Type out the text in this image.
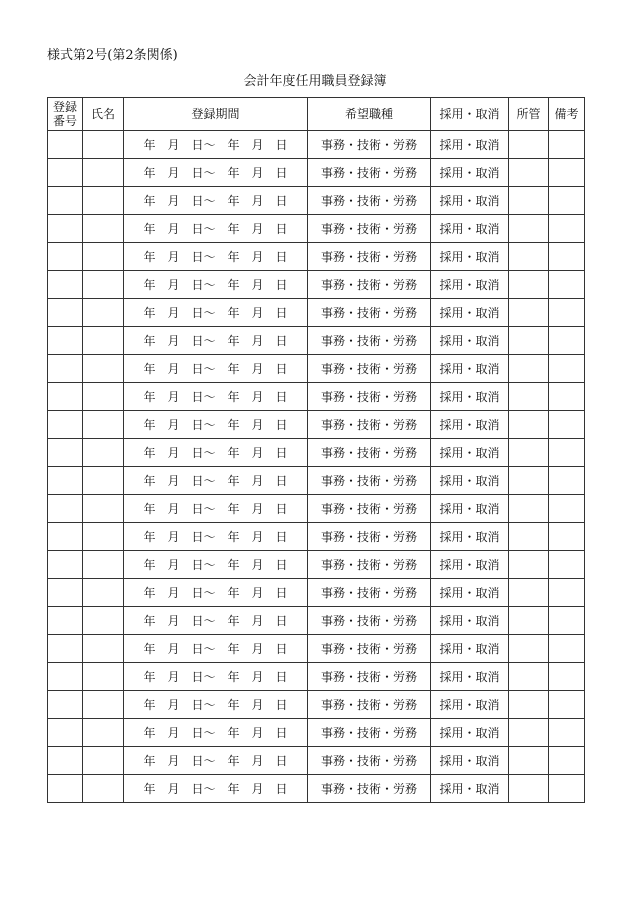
様式第2号(第2条関係)
会計年度任用職員登録簿
登録
番号	氏名	登録期間	希望職種	採用・取消	所管	備考
		年　月　日〜　年　月　日	事務・技術・労務	採用・取消		
		年　月　日〜　年　月　日	事務・技術・労務	採用・取消		
		年　月　日〜　年　月　日	事務・技術・労務	採用・取消		
		年　月　日〜　年　月　日	事務・技術・労務	採用・取消		
		年　月　日〜　年　月　日	事務・技術・労務	採用・取消		
		年　月　日〜　年　月　日	事務・技術・労務	採用・取消		
		年　月　日〜　年　月　日	事務・技術・労務	採用・取消		
		年　月　日〜　年　月　日	事務・技術・労務	採用・取消		
		年　月　日〜　年　月　日	事務・技術・労務	採用・取消		
		年　月　日〜　年　月　日	事務・技術・労務	採用・取消		
		年　月　日〜　年　月　日	事務・技術・労務	採用・取消		
		年　月　日〜　年　月　日	事務・技術・労務	採用・取消		
		年　月　日〜　年　月　日	事務・技術・労務	採用・取消		
		年　月　日〜　年　月　日	事務・技術・労務	採用・取消		
		年　月　日〜　年　月　日	事務・技術・労務	採用・取消		
		年　月　日〜　年　月　日	事務・技術・労務	採用・取消		
		年　月　日〜　年　月　日	事務・技術・労務	採用・取消		
		年　月　日〜　年　月　日	事務・技術・労務	採用・取消		
		年　月　日〜　年　月　日	事務・技術・労務	採用・取消		
		年　月　日〜　年　月　日	事務・技術・労務	採用・取消		
		年　月　日〜　年　月　日	事務・技術・労務	採用・取消		
		年　月　日〜　年　月　日	事務・技術・労務	採用・取消		
		年　月　日〜　年　月　日	事務・技術・労務	採用・取消		
		年　月　日〜　年　月　日	事務・技術・労務	採用・取消		
